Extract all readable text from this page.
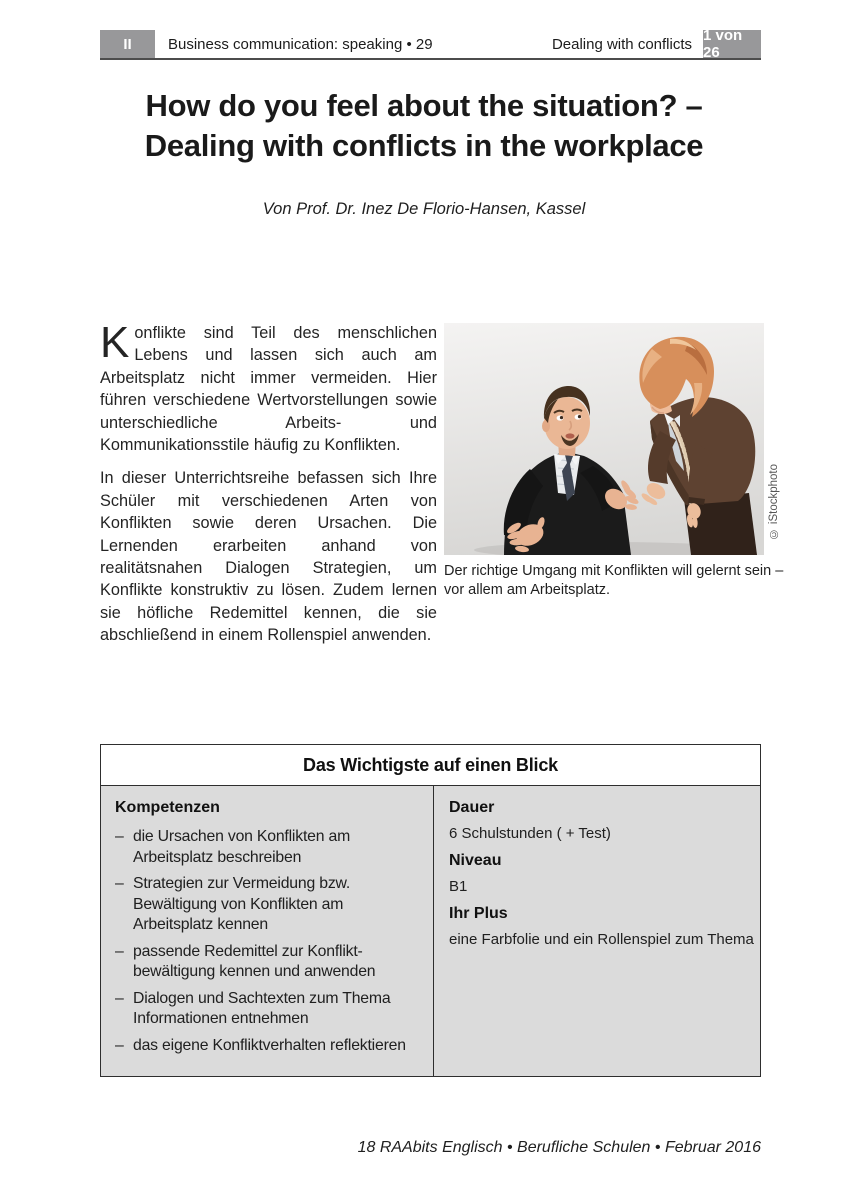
II	Business communication: speaking • 29	Dealing with conflicts 1 von 26
How do you feel about the situation? –
Dealing with conflicts in the workplace
Von Prof. Dr. Inez De Florio-Hansen, Kassel
Konflikte sind Teil des menschlichen Lebens und lassen sich auch am Arbeitsplatz nicht immer vermeiden. Hier führen verschiedene Wertvorstellungen sowie unterschiedliche Arbeits- und Kommunikationsstile häufig zu Konflikten.
In dieser Unterrichtsreihe befassen sich Ihre Schüler mit verschiedenen Arten von Konflikten sowie deren Ursachen. Die Lernenden erarbeiten anhand von realitätsnahen Dialogen Strategien, um Konflikte konstruktiv zu lösen. Zudem lernen sie höfliche Redemittel kennen, die sie abschließend in einem Rollenspiel anwenden.
© iStockphoto
Der richtige Umgang mit Konflikten will gelernt sein –
vor allem am Arbeitsplatz.
Das Wichtigste auf einen Blick
Kompetenzen
– die Ursachen von Konflikten am Arbeitsplatz beschreiben
– Strategien zur Vermeidung bzw. Bewältigung von Konflikten am Arbeitsplatz kennen
– passende Redemittel zur Konflikt-bewältigung kennen und anwenden
– Dialogen und Sachtexten zum Thema Informationen entnehmen
– das eigene Konfliktverhalten reflektieren
Dauer
6 Schulstunden ( + Test)
Niveau
B1
Ihr Plus
eine Farbfolie und ein Rollenspiel zum Thema
18 RAAbits Englisch • Berufliche Schulen • Februar 2016
